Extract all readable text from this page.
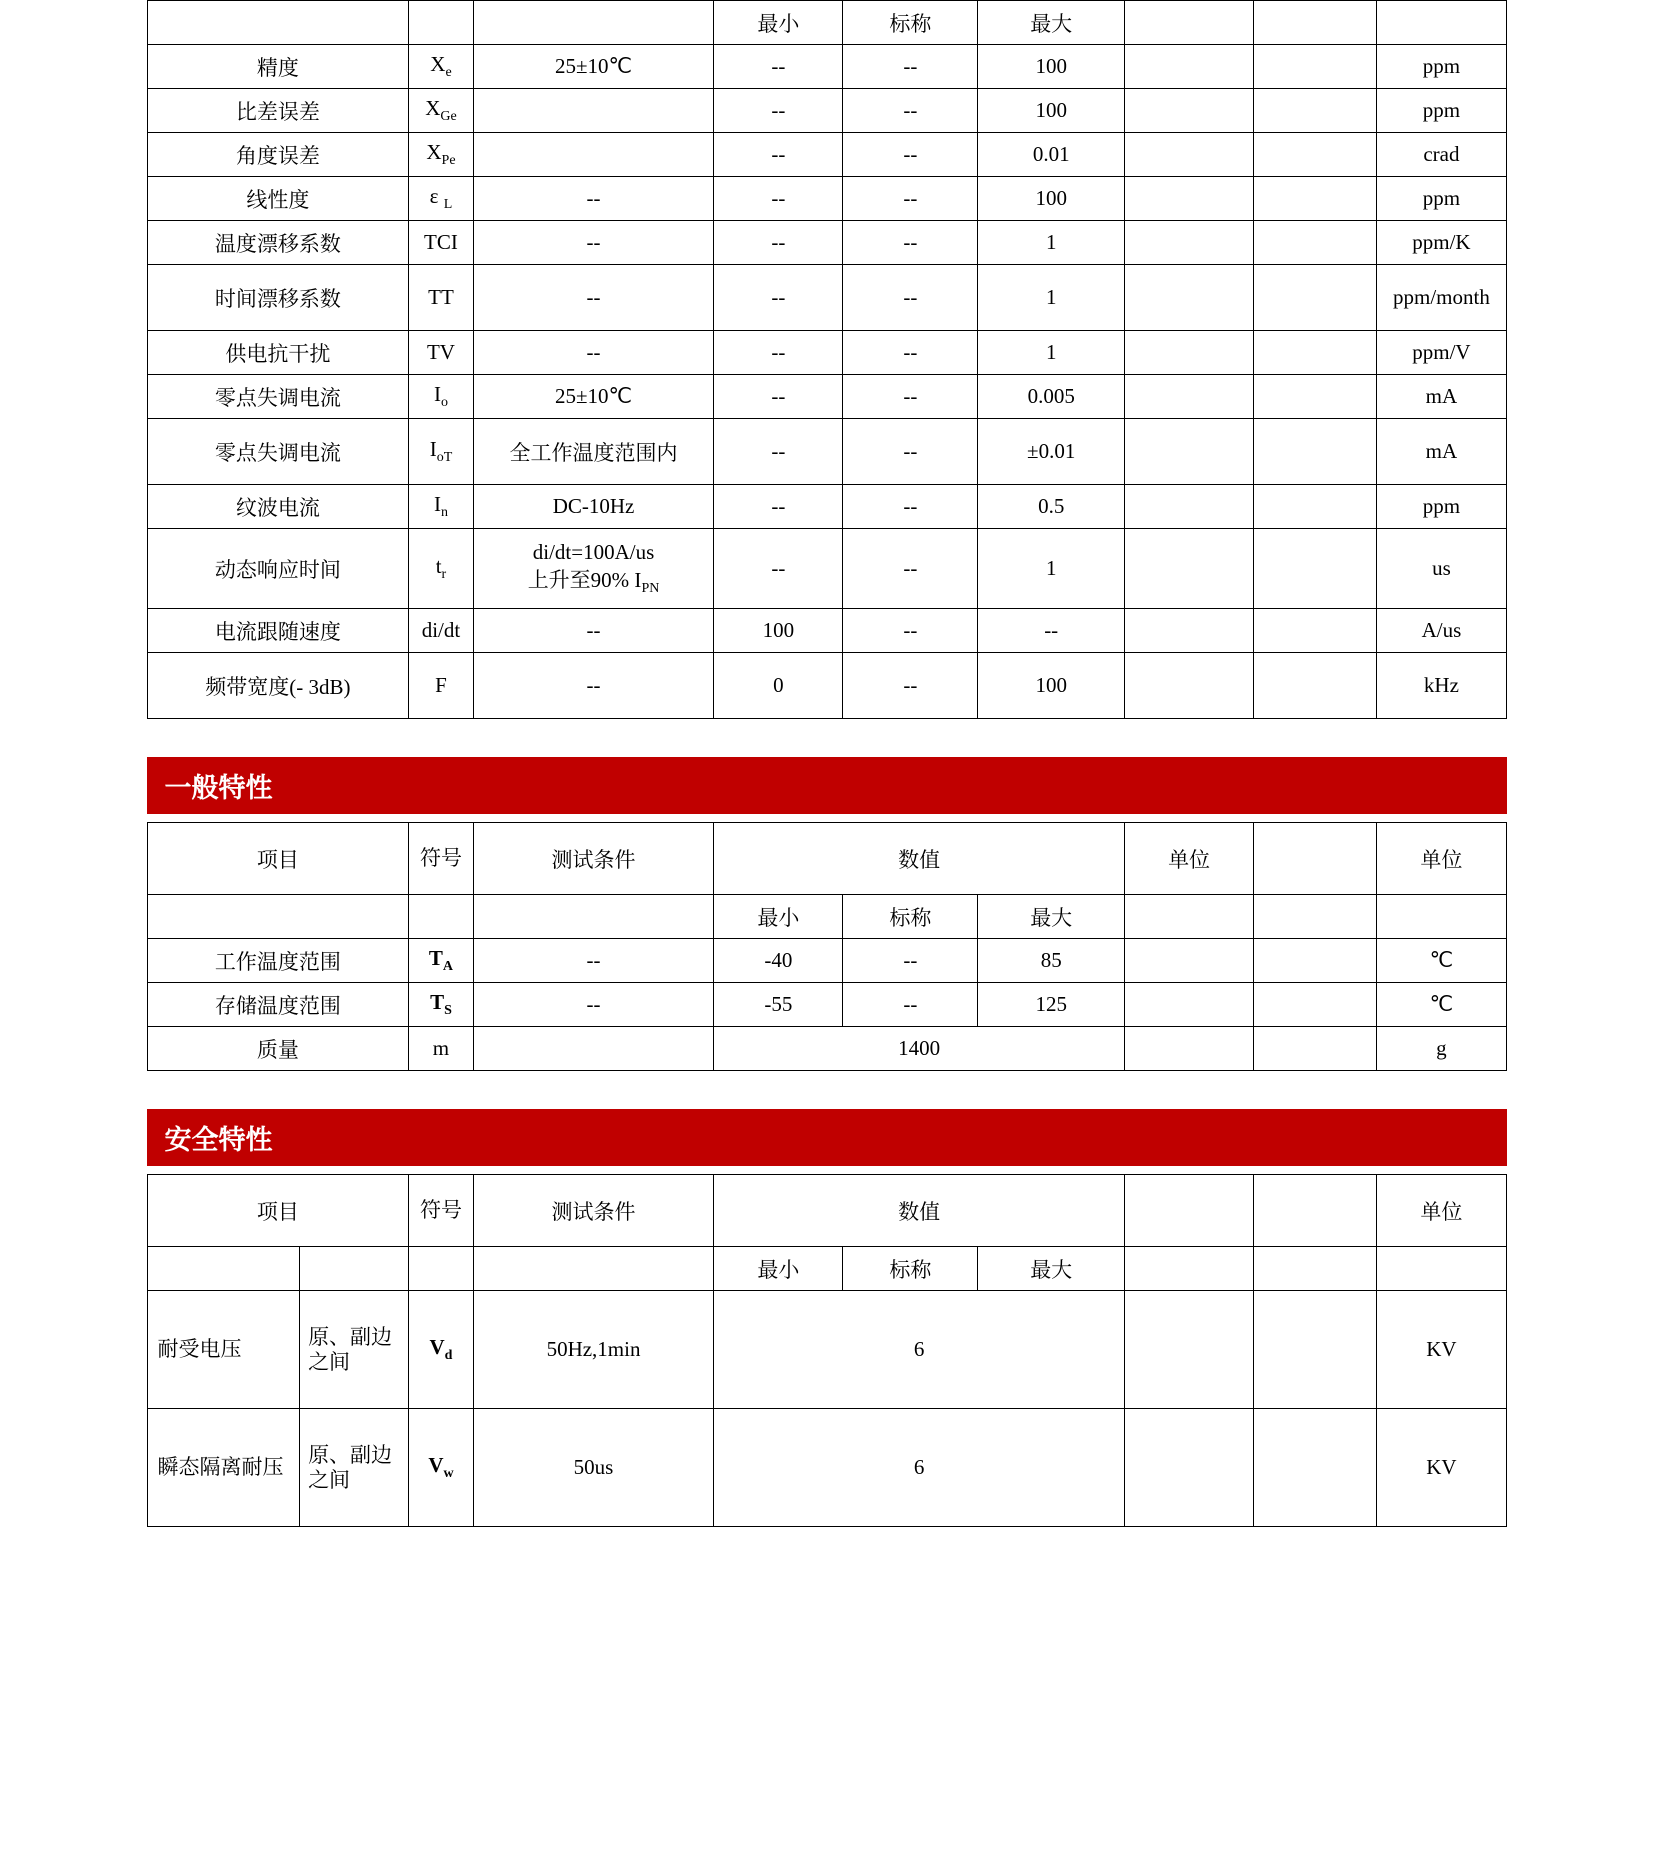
			最小	标称	最大			
精度	$X_e$	25±10℃	--	--	100			ppm
比差误差	$X_{Ge}$		--	--	100			ppm
角度误差	$X_{Pe}$		--	--	0.01			crad
线性度	ε $_L$	--	--	--	100			ppm
温度漂移系数	TCI	--	--	--	1			ppm/K
时间漂移系数	TT	--	--	--	1			ppm/month
供电抗干扰	TV	--	--	--	1			ppm/V
零点失调电流	$I_o$	25±10℃	--	--	0.005			mA
零点失调电流	$I_{oT}$	全工作温度范围内	--	--	±0.01			mA
纹波电流	$I_n$	DC-10Hz	--	--	0.5			ppm
动态响应时间	$t_r$	di/dt=100A/us
上升至90% $I_{PN}$	--	--	1			us
电流跟随速度	di/dt	--	100	--	--			A/us
频带宽度(- 3dB)	F	--	0	--	100			kHz
一般特性
项目	符号	测试条件	数值			单位		单位
			最小	标称	最大			
工作温度范围	$T_A$	--	-40	--	85			℃
存储温度范围	$T_S$	--	-55	--	125			℃
质量	m		1400					g
安全特性
项目		符号	测试条件	数值					单位
				最小	标称	最大			
耐受电压	原、副边之间	$V_d$	50Hz,1min	6					KV
瞬态隔离耐压	原、副边之间	$V_w$	50us	6					KV
